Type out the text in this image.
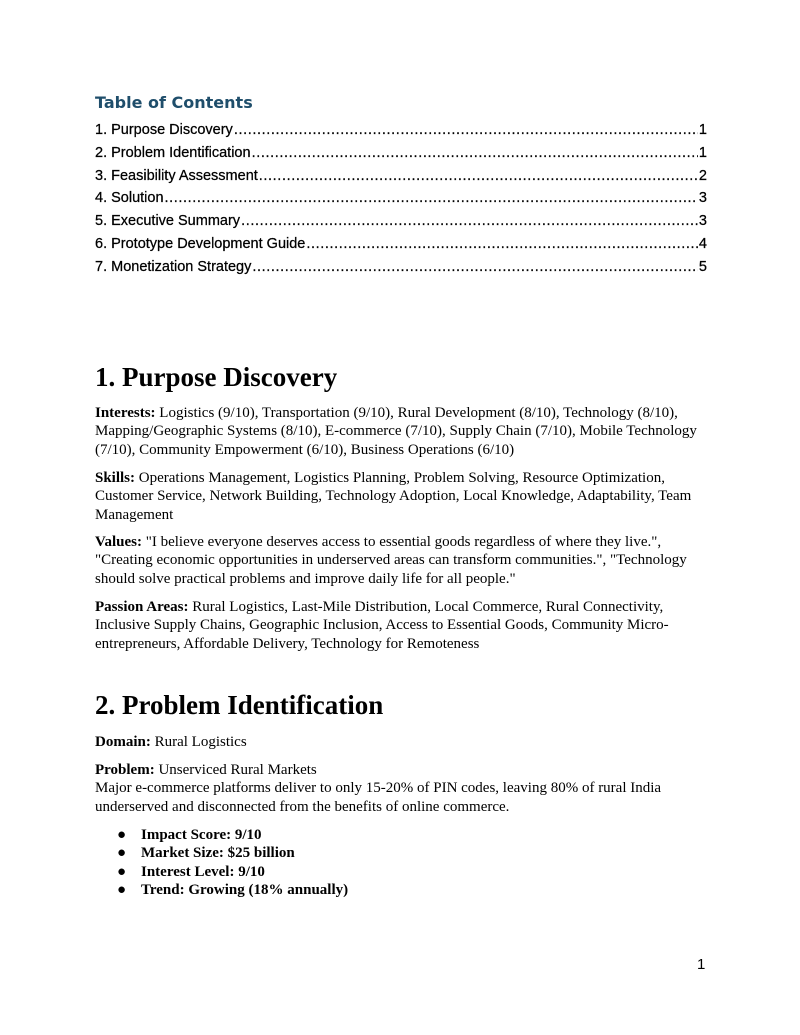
Table of Contents
1. Purpose Discovery .....	1
2. Problem Identification .....	1
3. Feasibility Assessment .....	2
4. Solution .....	3
5. Executive Summary .....	3
6. Prototype Development Guide .....	4
7. Monetization Strategy .....	5
1. Purpose Discovery

Interests: Logistics (9/10), Transportation (9/10), Rural Development (8/10), Technology (8/10), Mapping/Geographic Systems (8/10), E-commerce (7/10), Supply Chain (7/10), Mobile Technology (7/10), Community Empowerment (6/10), Business Operations (6/10)

Skills: Operations Management, Logistics Planning, Problem Solving, Resource Optimization, Customer Service, Network Building, Technology Adoption, Local Knowledge, Adaptability, Team Management

Values: "I believe everyone deserves access to essential goods regardless of where they live.", "Creating economic opportunities in underserved areas can transform communities.", "Technology should solve practical problems and improve daily life for all people."

Passion Areas: Rural Logistics, Last-Mile Distribution, Local Commerce, Rural Connectivity, Inclusive Supply Chains, Geographic Inclusion, Access to Essential Goods, Community Micro-entrepreneurs, Affordable Delivery, Technology for Remoteness

2. Problem Identification

Domain: Rural Logistics

Problem: Unserviced Rural Markets
Major e-commerce platforms deliver to only 15-20% of PIN codes, leaving 80% of rural India underserved and disconnected from the benefits of online commerce.

● Impact Score: 9/10
● Market Size: $25 billion
● Interest Level: 9/10
● Trend: Growing (18% annually)
1
